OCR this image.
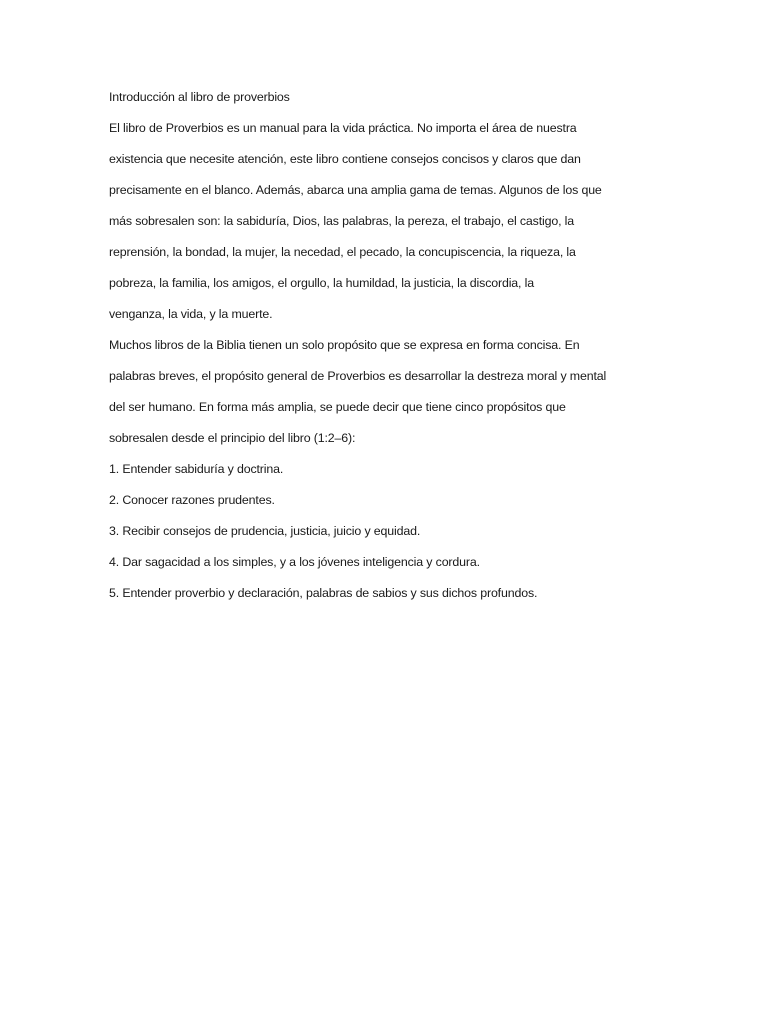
Introducción al libro de proverbios

El libro de Proverbios es un manual para la vida práctica. No importa el área de nuestra

existencia que necesite atención, este libro contiene consejos concisos y claros que dan

precisamente en el blanco. Además, abarca una amplia gama de temas. Algunos de los que

más sobresalen son: la sabiduría, Dios, las palabras, la pereza, el trabajo, el castigo, la

reprensión, la bondad, la mujer, la necedad, el pecado, la concupiscencia, la riqueza, la

pobreza, la familia, los amigos, el orgullo, la humildad, la justicia, la discordia, la

venganza, la vida, y la muerte.

Muchos libros de la Biblia tienen un solo propósito que se expresa en forma concisa. En

palabras breves, el propósito general de Proverbios es desarrollar la destreza moral y mental

del ser humano. En forma más amplia, se puede decir que tiene cinco propósitos que

sobresalen desde el principio del libro (1:2–6):

1. Entender sabiduría y doctrina.

2. Conocer razones prudentes.

3. Recibir consejos de prudencia, justicia, juicio y equidad.

4. Dar sagacidad a los simples, y a los jóvenes inteligencia y cordura.

5. Entender proverbio y declaración, palabras de sabios y sus dichos profundos.
